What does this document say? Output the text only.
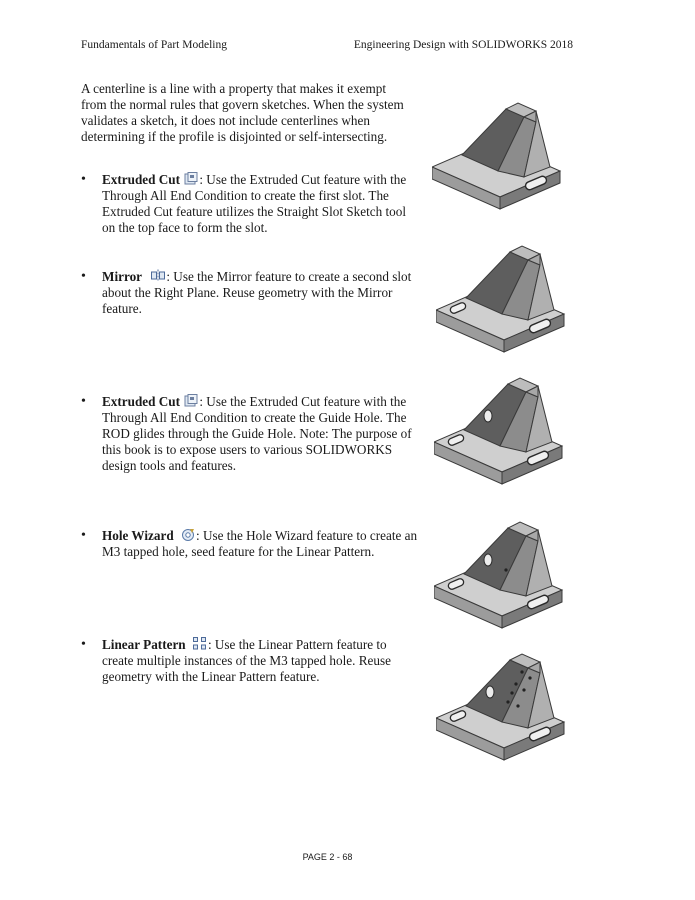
Fundamentals of Part Modeling	Engineering Design with SOLIDWORKS 2018

A centerline is a line with a property that makes it exempt from the normal rules that govern sketches. When the system validates a sketch, it does not include centerlines when determining if the profile is disjointed or self-intersecting.

• Extruded Cut : Use the Extruded Cut feature with the Through All End Condition to create the first slot. The Extruded Cut feature utilizes the Straight Slot Sketch tool on the top face to form the slot.
• Mirror : Use the Mirror feature to create a second slot about the Right Plane. Reuse geometry with the Mirror feature.
• Extruded Cut : Use the Extruded Cut feature with the Through All End Condition to create the Guide Hole. The ROD glides through the Guide Hole. Note: The purpose of this book is to expose users to various SOLIDWORKS design tools and features.
• Hole Wizard : Use the Hole Wizard feature to create an M3 tapped hole, seed feature for the Linear Pattern.
• Linear Pattern : Use the Linear Pattern feature to create multiple instances of the M3 tapped hole. Reuse geometry with the Linear Pattern feature.
PAGE 2 - 68
